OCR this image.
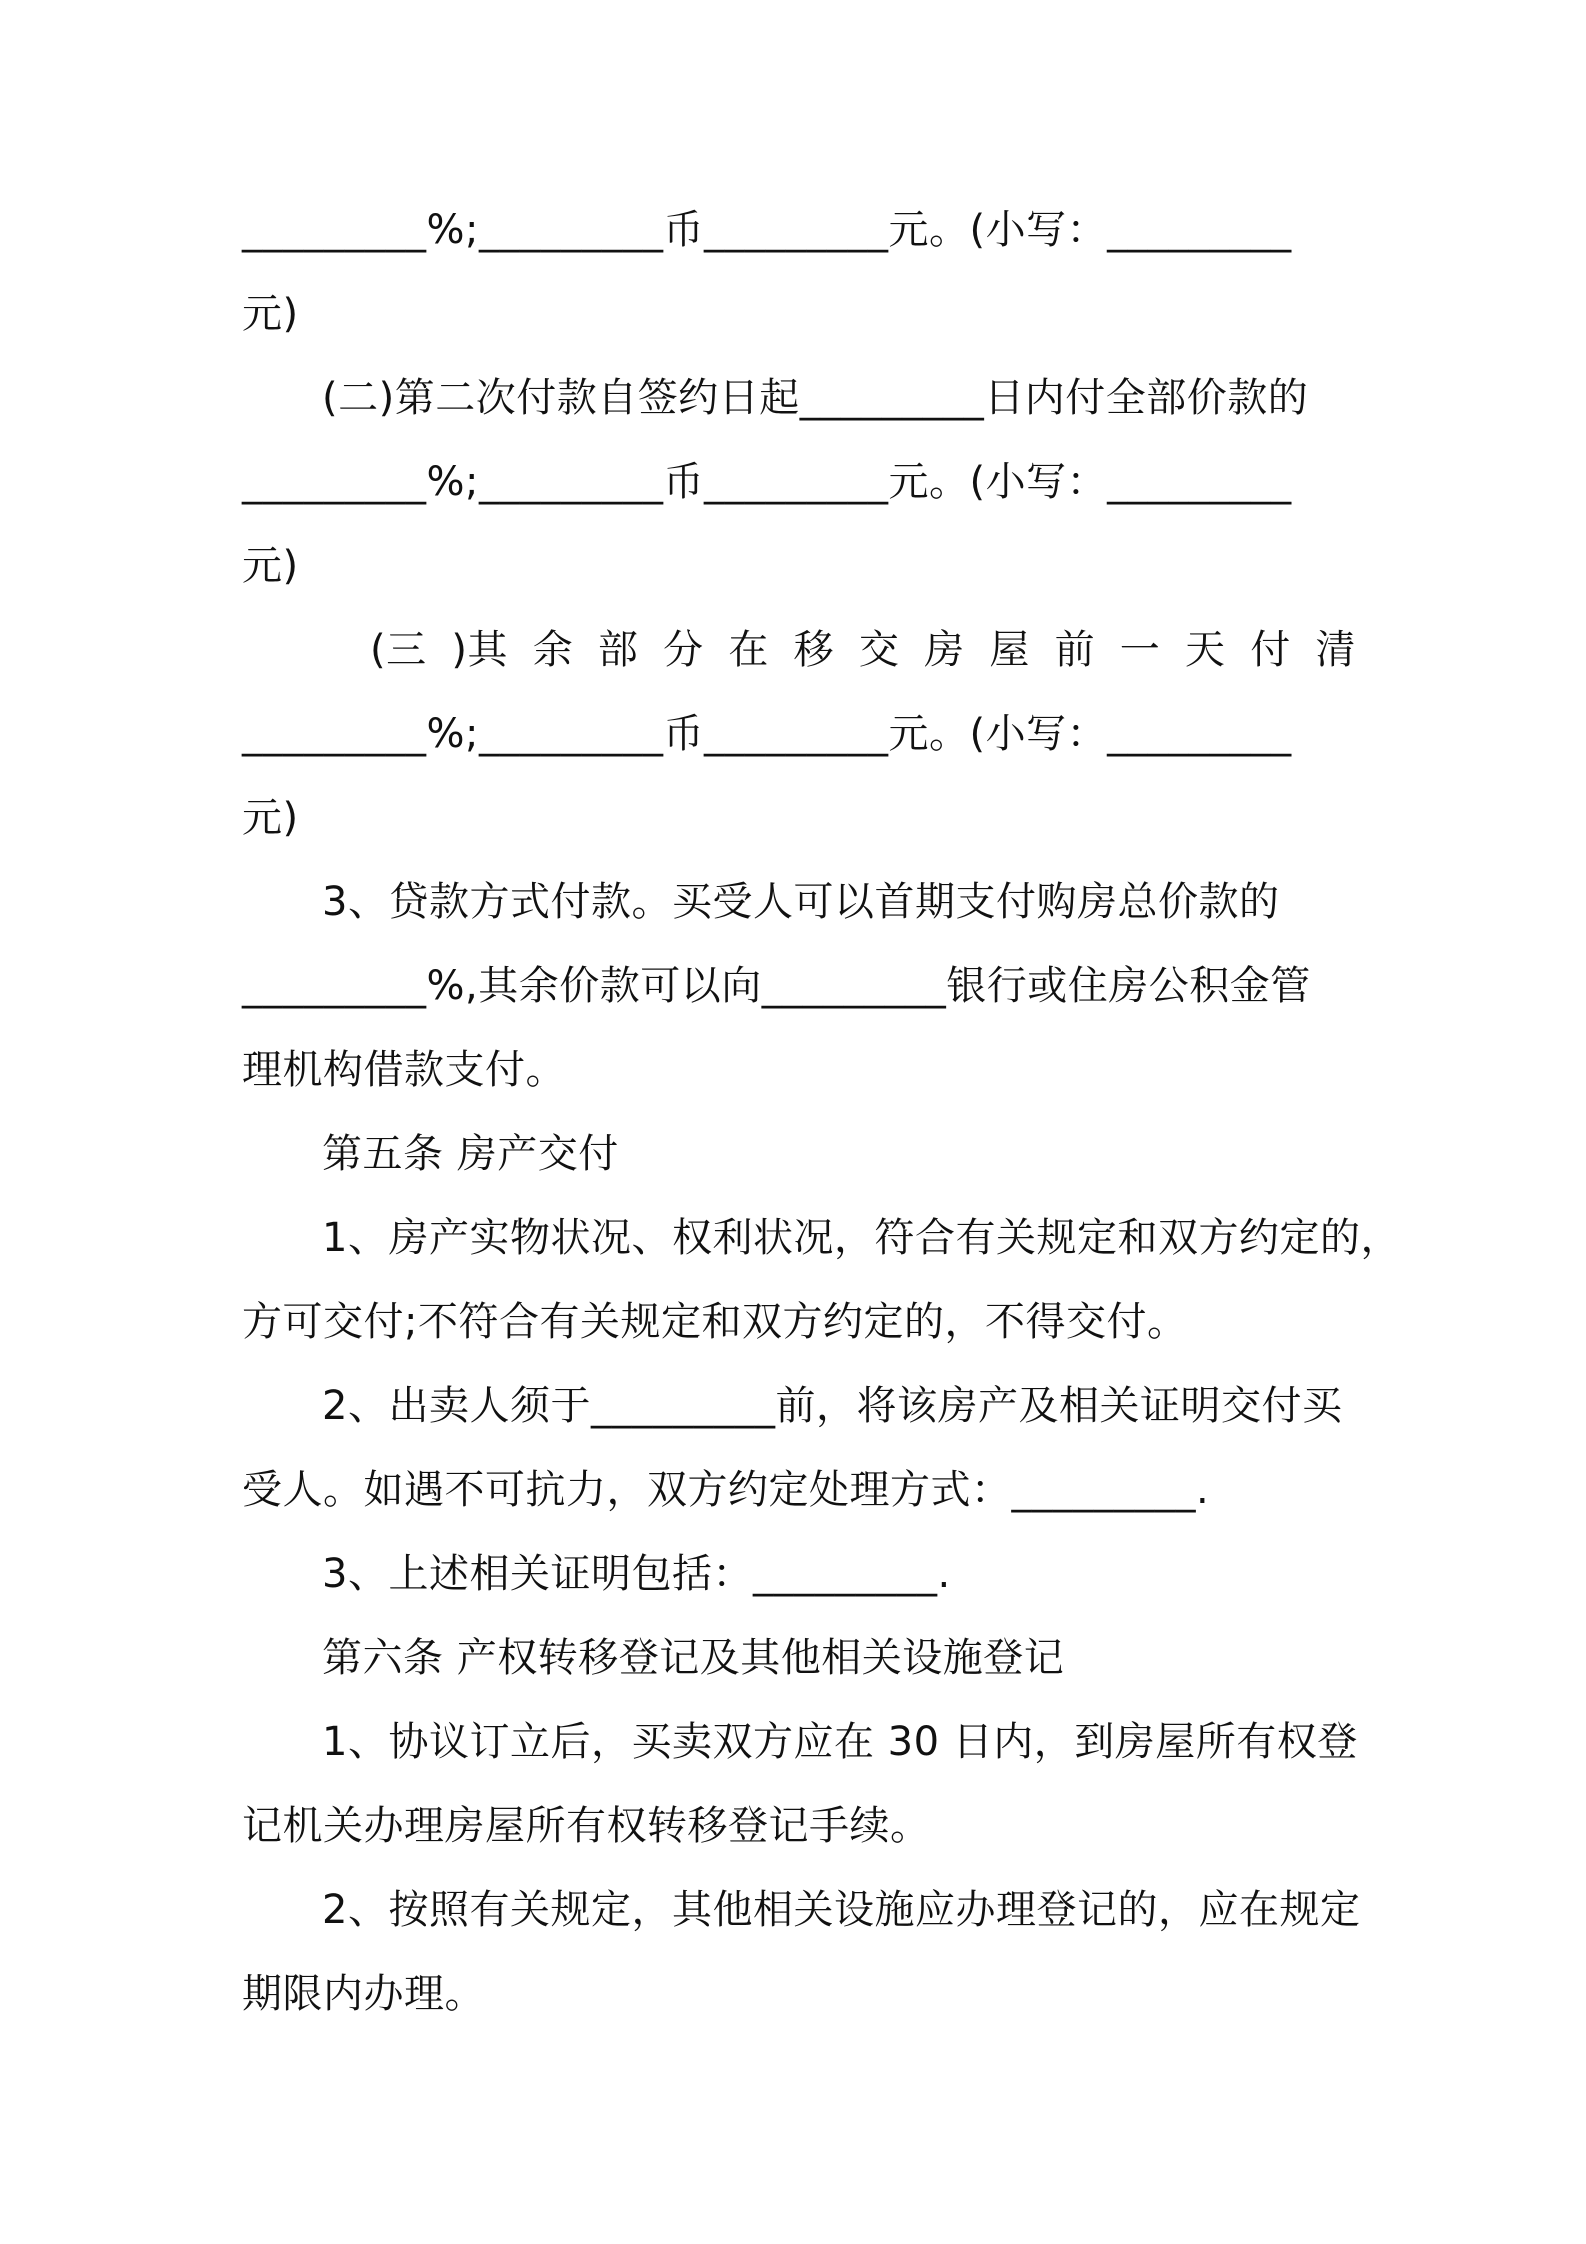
_________%;_________币_________元。(小写：_________
元)
(二)第二次付款自签约日起_________日内付全部价款的
_________%;_________币_________元。(小写：_________
元)
(三 )其 余 部 分 在 移 交 房 屋 前 一 天 付 清
_________%;_________币_________元。(小写：_________
元)
3、贷款方式付款。买受人可以首期支付购房总价款的
_________%,其余价款可以向_________银行或住房公积金管
理机构借款支付。
第五条 房产交付
1、房产实物状况、权利状况，符合有关规定和双方约定的，
方可交付;不符合有关规定和双方约定的，不得交付。
2、出卖人须于_________前，将该房产及相关证明交付买
受人。如遇不可抗力，双方约定处理方式：_________.
3、上述相关证明包括：_________.
第六条 产权转移登记及其他相关设施登记
1、协议订立后，买卖双方应在 30 日内，到房屋所有权登
记机关办理房屋所有权转移登记手续。
2、按照有关规定，其他相关设施应办理登记的，应在规定
期限内办理。
